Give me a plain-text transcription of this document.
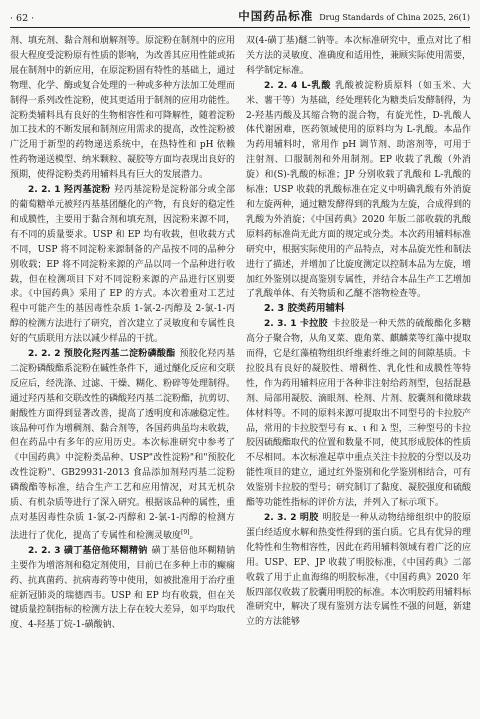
· 62 ·	中国药品标准 Drug Standards of China 2025, 26(1)

剂、填充剂、黏合剂和崩解剂等。原淀粉在制剂中的应用很大程度受淀粉原有性质的影响，为改善其应用性能或拓展在制剂中的新应用，在原淀粉固有特性的基础上，通过物理、化学、酶或复合处理的一种或多种方法加工处理而制得一系列改性淀粉，使其更适用于制剂的应用功能性。淀粉类辅料具有良好的生物相容性和可降解性，随着淀粉加工技术的不断发展和制剂应用需求的提高，改性淀粉被广泛用于新型的药物递送系统中，在热特性和 pH 依赖性药物递送模型、纳米颗粒、凝胶等方面均表现出良好的预期，使得淀粉类药用辅料具有巨大的发展潜力。

2. 2. 1 羟丙基淀粉 羟丙基淀粉是淀粉部分或全部的葡萄糖单元被羟丙基基团醚化的产物，有良好的稳定性和成膜性，主要用于黏合剂和填充剂，因淀粉来源不同，有不同的质量要求。USP 和 EP 均有收载，但收载方式不同，USP 将不同淀粉来源制备的产品按不同的品种分别收载；EP 将不同淀粉来源的产品以同一个品种进行收载，但在检测项目下对不同淀粉来源的产品进行区别要求。《中国药典》采用了 EP 的方式。本次着重对工艺过程中可能产生的基因毒性杂质 1-氯-2-丙醇及 2-氯-1-丙醇的检测方法进行了研究，首次建立了灵敏度和专属性良好的气质联用方法以减少样品的干扰。

2. 2. 2 预胶化羟丙基二淀粉磷酸酯 预胶化羟丙基二淀粉磷酸酯系淀粉在碱性条件下，通过醚化反应和交联反应后，经洗涤、过滤、干燥、糊化、粉碎等处理制得。通过羟丙基和交联改性的磷酸羟丙基二淀粉酯，抗剪切、耐酸性方面得到显著改善，提高了透明度和冻融稳定性。该品种可作为增稠剂、黏合剂等，各国药典虽均未收载，但在药品中有多年的应用历史。本次标准研究中参考了《中国药典》中淀粉类品种、USP"改性淀粉"和"预胶化改性淀粉"、GB29931-2013 食品添加剂羟丙基二淀粉磷酸酯等标准，结合生产工艺和应用情况，对其无机杂质、有机杂质等进行了深入研究。根据该品种的属性，重点对基因毒性杂质 1-氯-2-丙醇和 2-氯-1-丙醇的检测方法进行了优化，提高了专属性和检测灵敏度[9]。

2. 2. 3 磺丁基倍他环糊精钠 磺丁基倍他环糊精钠主要作为增溶剂和稳定剂使用，目前已在多种上市的癫痫药、抗真菌药、抗病毒药等中使用，如被批准用于治疗重症新冠肺炎的瑞德西韦。USP 和 EP 均有收载，但在关键质量控制指标的检测方法上存在较大差异，如平均取代度、4-羟基丁烷-1-磺酸钠、

双(4-磺丁基)醚二钠等。本次标准研究中，重点对比了相关方法的灵敏度、准确度和适用性，兼顾实际使用需要，科学制定标准。

2. 2. 4 L-乳酸 乳酸被淀粉质原料（如玉米、大米、薯干等）为基础，经处理转化为糖类后发酵制得，为 2-羟基丙酸及其缩合物的混合物，有旋光性，D-乳酸人体代谢困难，医药领域使用的原料均为 L-乳酸。本品作为药用辅料时，常用作 pH 调节剂、助溶剂等，可用于注射剂、口服制剂和外用制剂。EP 收载了乳酸（外消旋）和(S)-乳酸的标准；JP 分别收载了乳酸和 L-乳酸的标准；USP 收载的乳酸标准在定义中明确乳酸有外消旋和左旋两种，通过糖发酵得到的乳酸为左旋，合成得到的乳酸为外消旋；《中国药典》2020 年版二部收载的乳酸原料药标准尚无此方面的规定或分类。本次药用辅料标准研究中，根据实际使用的产品特点，对本品旋光性和制法进行了描述，并增加了比旋度测定以控制本品为左旋，增加红外鉴别以提高鉴别专属性，并结合本品生产工艺增加了乳酸单体、有关物质和乙醚不溶物检查等。

2. 3 胶类药用辅料

2. 3. 1 卡拉胶 卡拉胶是一种天然的硫酸酯化多糖高分子聚合物，从角叉菜、鹿角菜、麒麟菜等红藻中提取而得，它是红藻植物组织纤维素纤维之间的间隙基质。卡拉胶具有良好的凝胶性、增稠性、乳化性和成膜性等特性，作为药用辅料应用于各种非注射给药剂型，包括混悬剂、局部用凝胶、滴眼剂、栓剂、片剂、胶囊剂和微球载体材料等。不同的原料来源可提取出不同型号的卡拉胶产品，常用的卡拉胶型号有 κ、ι 和 λ 型，三种型号的卡拉胶因硫酸酯取代的位置和数量不同，使其形成胶体的性质不尽相同。本次标准起草中重点关注卡拉胶的分型以及功能性项目的建立，通过红外鉴别和化学鉴别相结合，可有效鉴别卡拉胶的型号；研究制订了黏度、凝胶强度和硫酸酯等功能性指标的评价方法，并列入了标示项下。

2. 3. 2 明胶 明胶是一种从动物结缔组织中的胶原蛋白经适度水解和热变性得到的蛋白质。它具有优异的理化特性和生物相容性，因此在药用辅料领域有着广泛的应用。USP、EP、JP 收载了明胶标准，《中国药典》二部收载了用于止血海绵的明胶标准，《中国药典》2020 年版四部仅收载了胶囊用明胶的标准。本次明胶药用辅料标准研究中，解决了现有鉴别方法专属性不强的问题，新建立的方法能够
